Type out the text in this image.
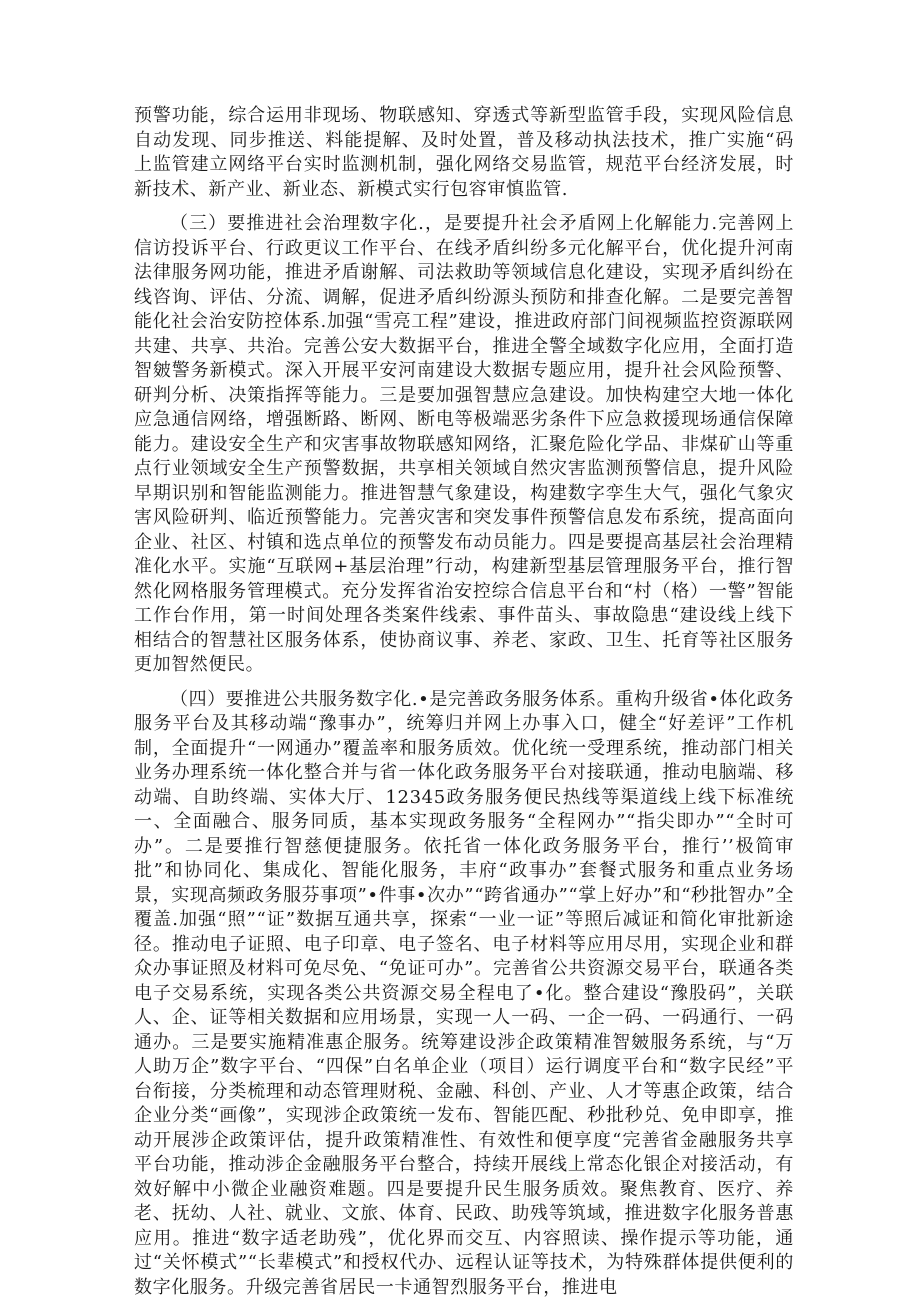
预警功能，综合运用非现场、物联感知、穿透式等新型监管手段，实现风险信息自动发现、同步推送、料能提解、及时处置，普及移动执法技术，推广实施“码上监管建立网络平台实时监测机制，强化网络交易监管，规范平台经济发展，时新技术、新产业、新业态、新模式实行包容审慎监管.

（三）要推进社会治理数字化.，是要提升社会矛盾网上化解能力.完善网上信访投诉平台、行政更议工作平台、在线矛盾纠纷多元化解平台，优化提升河南法律服务网功能，推进矛盾谢解、司法救助等领域信息化建设，实现矛盾纠纷在线咨询、评估、分流、调解，促进矛盾纠纷源头预防和排查化解。二是要完善智能化社会治安防控体系.加强“雪亮工程”建设，推进政府部门间视频监控资源联网共建、共享、共治。完善公安大数据平台，推进全警全域数字化应用，全面打造智皴警务新模式。深入开展平安河南建设大数据专题应用，提升社会风险预警、研判分析、决策指挥等能力。三是要加强智慧应急建设。加快构建空大地一体化应急通信网络，增强断路、断网、断电等极端恶劣条件下应急救援现场通信保障能力。建设安全生产和灾害事故物联感知网络，汇聚危险化学品、非煤矿山等重点行业领域安全生产预警数据，共享相关领域自然灾害监测预警信息，提升风险早期识别和智能监测能力。推进智慧气象建设，构建数字孪生大气，强化气象灾害风险研判、临近预警能力。完善灾害和突发事件预警信息发布系统，提高面向企业、社区、村镇和选点单位的预警发布动员能力。四是要提高基层社会治理精准化水平。实施“互联网+基层治理”行动，构建新型基层管理服务平台，推行智然化网格服务管理模式。充分发挥省治安控综合信息平台和“村（格）一警”智能工作台作用，第一时间处理各类案件线索、事件苗头、事故隐患“建设线上线下相结合的智慧社区服务体系，使协商议事、养老、家政、卫生、托育等社区服务更加智然便民。

（四）要推进公共服务数字化.•是完善政务服务体系。重构升级省•体化政务服务平台及其移动端“豫事办”，统筹归并网上办事入口，健全“好差评”工作机制，全面提升“一网通办”覆盖率和服务质效。优化统一受理系统，推动部门相关业务办理系统一体化整合并与省一体化政务服务平台对接联通，推动电脑端、移动端、自助终端、实体大厅、12345政务服务便民热线等渠道线上线下标准统一、全面融合、服务同质，基本实现政务服务“全程网办”“指尖即办”“全时可办”。二是要推行智慈便捷服务。依托省一体化政务服务平台，推行’’极简审批”和协同化、集成化、智能化服务，丰府“政事办”套餐式服务和重点业务场景，实现高频政务服芬事项”•件事•次办”“跨省通办”“掌上好办”和“秒批智办”全覆盖.加强“照”“证”数据互通共享，探索“一业一证”等照后减证和简化审批新途径。推动电子证照、电子印章、电子签名、电子材料等应用尽用，实现企业和群众办事证照及材料可免尽免、“免证可办”。完善省公共资源交易平台，联通各类电子交易系统，实现各类公共资源交易全程电了•化。整合建设“豫股码”，关联人、企、证等相关数据和应用场景，实现一人一码、一企一码、一码通行、一码通办。三是要实施精准惠企服务。统筹建设涉企政策精准智皴服务系统，与“万人助万企”数字平台、“四保”白名单企业（项目）运行调度平台和“数字民经”平台衔接，分类梳理和动态管理财税、金融、科创、产业、人才等惠企政策，结合企业分类“画像”，实现涉企政策统一发布、智能匹配、秒批秒兑、免申即享，推动开展涉企政策评估，提升政策精准性、有效性和便享度“完善省金融服务共享平台功能，推动涉企金融服务平台整合，持续开展线上常态化银企对接活动，有效好解中小微企业融资难题。四是要提升民生服务质效。聚焦教育、医疗、养老、抚幼、人社、就业、文旅、体育、民政、助残等筑域，推进数字化服务普惠应用。推进“数字适老助残”，优化界而交互、内容照读、操作提示等功能，通过“关怀模式”“长辈模式”和授权代办、远程认证等技术，为特殊群体提供便利的数字化服务。升级完善省居民一卡通智烈服务平台，推进电
